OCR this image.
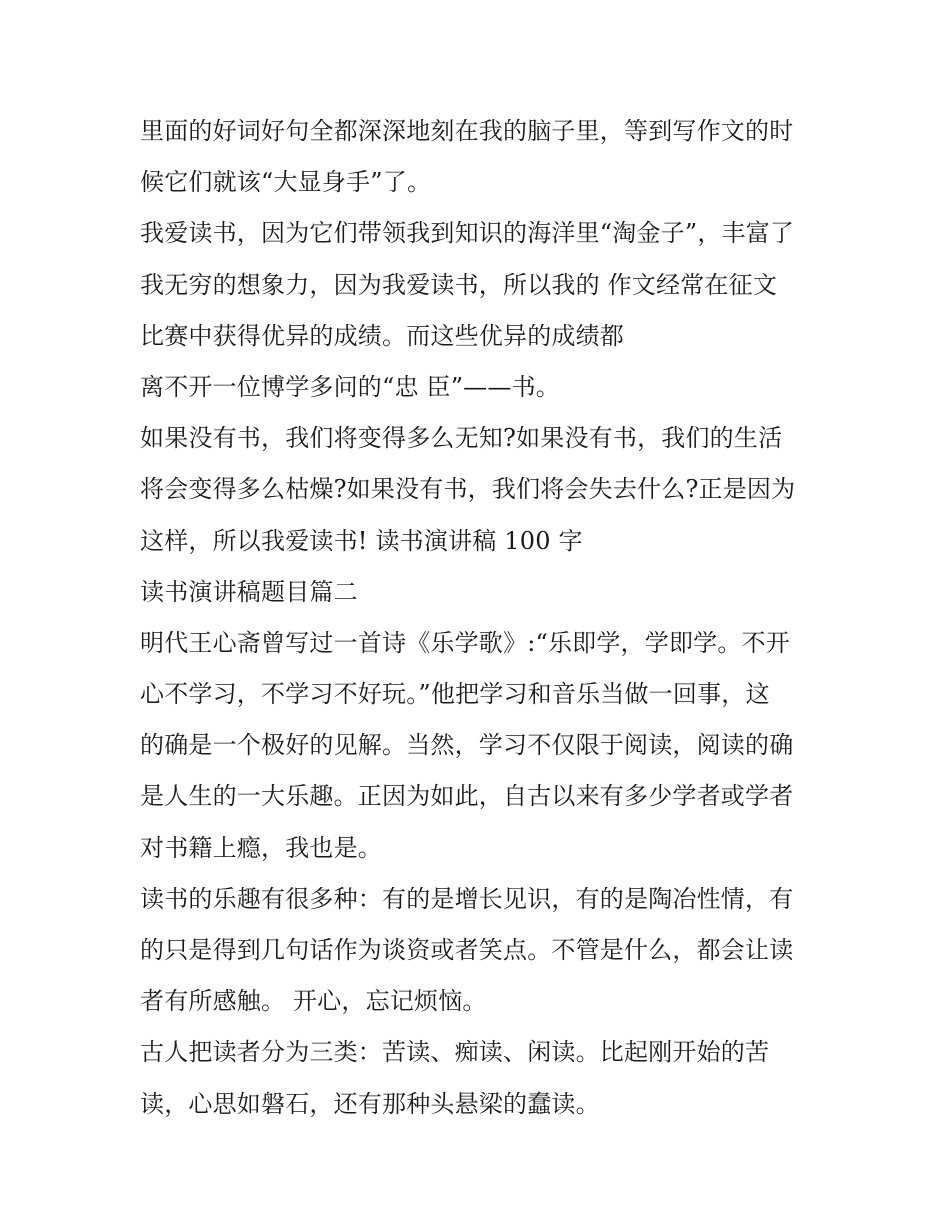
里面的好词好句全都深深地刻在我的脑子里，等到写作文的时
候它们就该“大显身手”了。
我爱读书，因为它们带领我到知识的海洋里“淘金子”，丰富了
我无穷的想象力，因为我爱读书，所以我的 作文经常在征文
比赛中获得优异的成绩。而这些优异的成绩都
离不开一位博学多问的“忠 臣”——书。
如果没有书，我们将变得多么无知?如果没有书，我们的生活
将会变得多么枯燥?如果没有书，我们将会失去什么?正是因为
这样，所以我爱读书! 读书演讲稿 100 字
读书演讲稿题目篇二
明代王心斋曾写过一首诗《乐学歌》:“乐即学，学即学。不开
心不学习，不学习不好玩。”他把学习和音乐当做一回事，这
的确是一个极好的见解。当然，学习不仅限于阅读，阅读的确
是人生的一大乐趣。正因为如此，自古以来有多少学者或学者
对书籍上瘾，我也是。
读书的乐趣有很多种：有的是增长见识，有的是陶冶性情，有
的只是得到几句话作为谈资或者笑点。不管是什么，都会让读
者有所感触。 开心，忘记烦恼。
古人把读者分为三类：苦读、痴读、闲读。比起刚开始的苦
读，心思如磐石，还有那种头悬梁的蠢读。
